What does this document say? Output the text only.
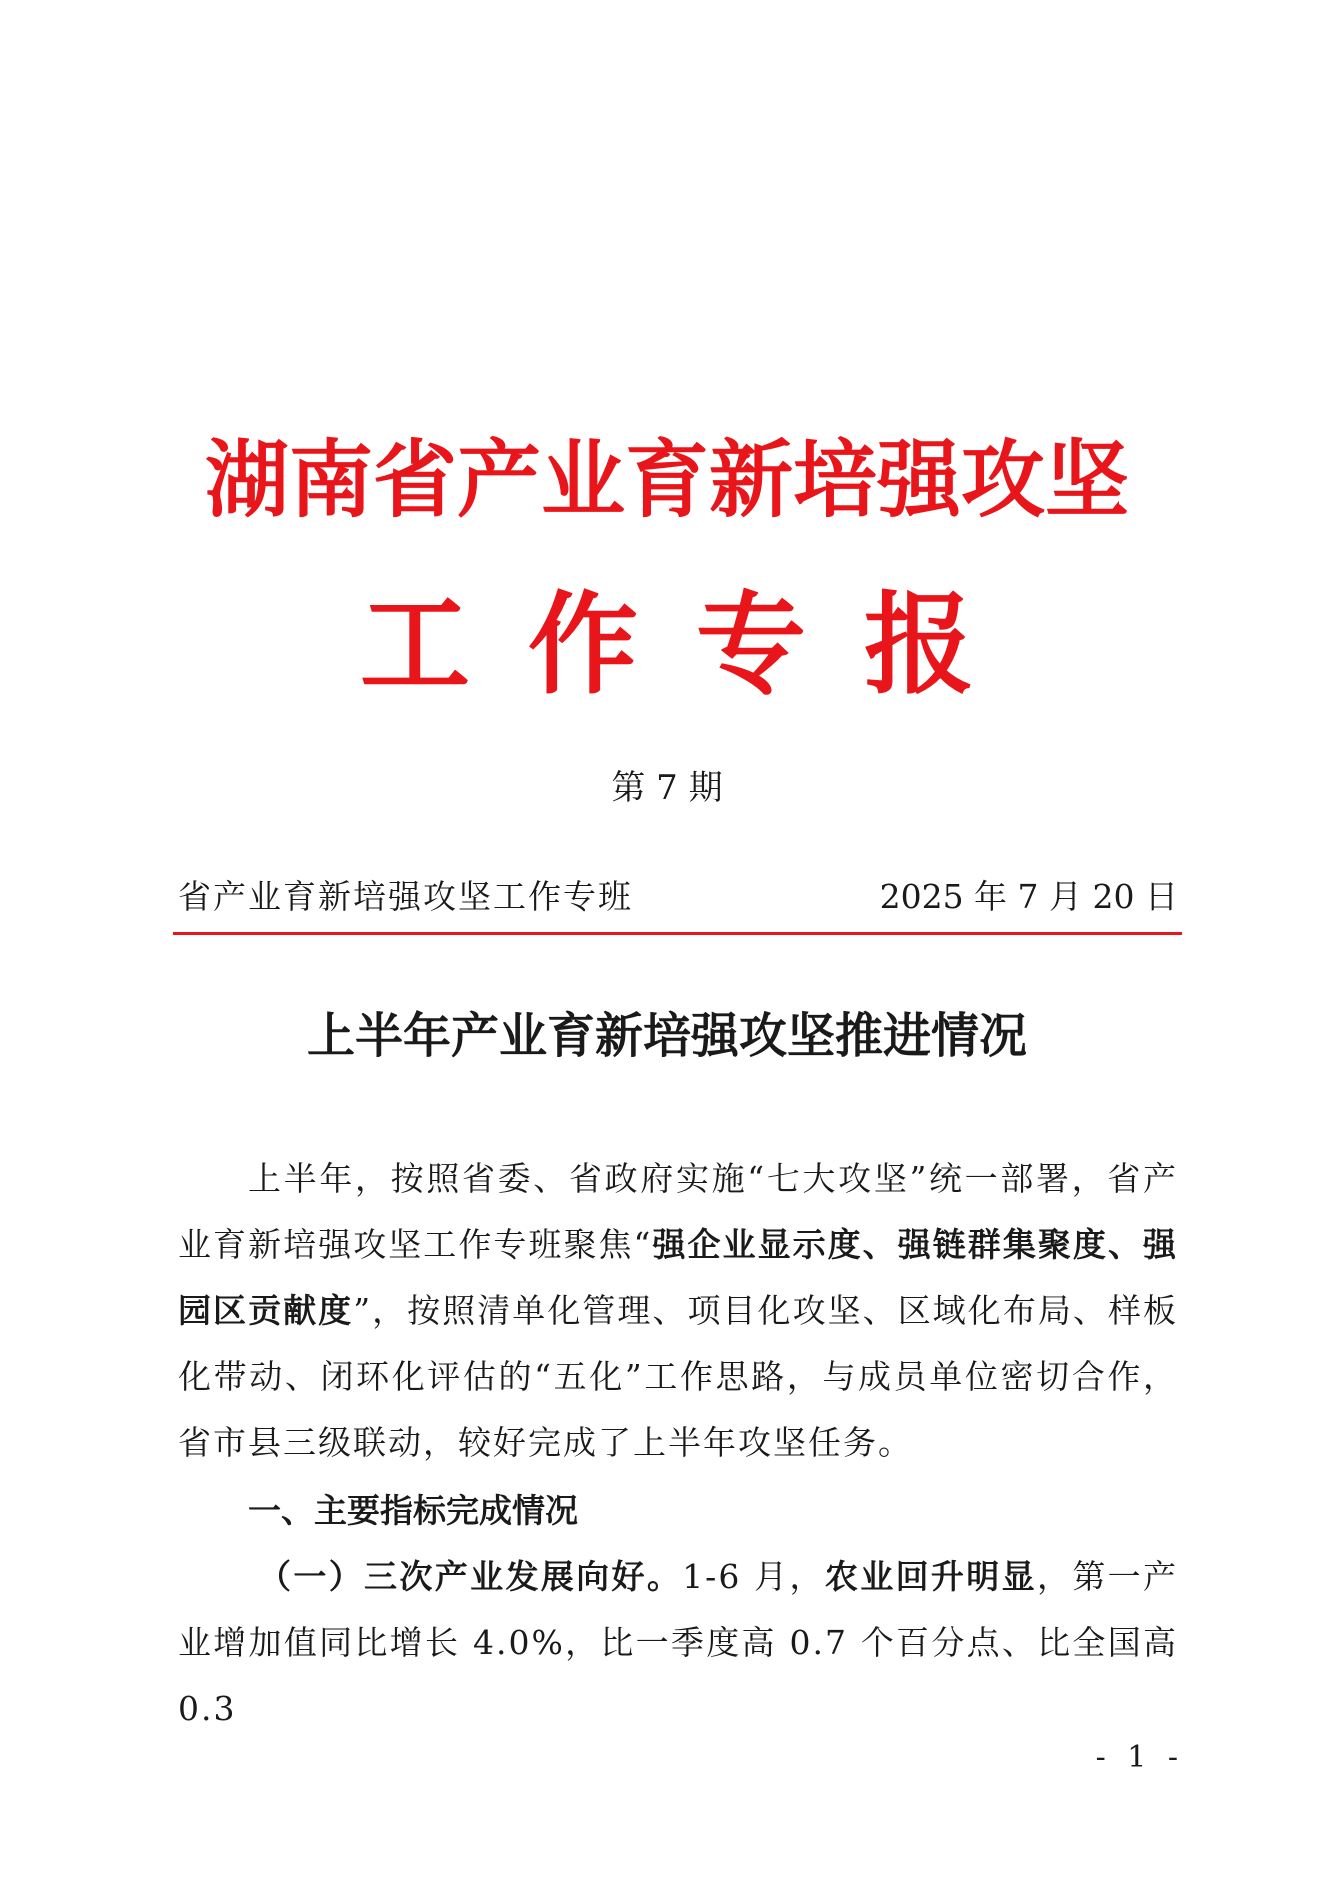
湖南省产业育新培强攻坚
工作专报
第 7 期
省产业育新培强攻坚工作专班	2025 年 7 月 20 日
上半年产业育新培强攻坚推进情况
上半年，按照省委、省政府实施“七大攻坚”统一部署，省产业育新培强攻坚工作专班聚焦“强企业显示度、强链群集聚度、强园区贡献度”，按照清单化管理、项目化攻坚、区域化布局、样板化带动、闭环化评估的“五化”工作思路，与成员单位密切合作，省市县三级联动，较好完成了上半年攻坚任务。
一、主要指标完成情况
（一）三次产业发展向好。1-6 月，农业回升明显，第一产业增加值同比增长 4.0%，比一季度高 0.7 个百分点、比全国高 0.3
- 1 -
